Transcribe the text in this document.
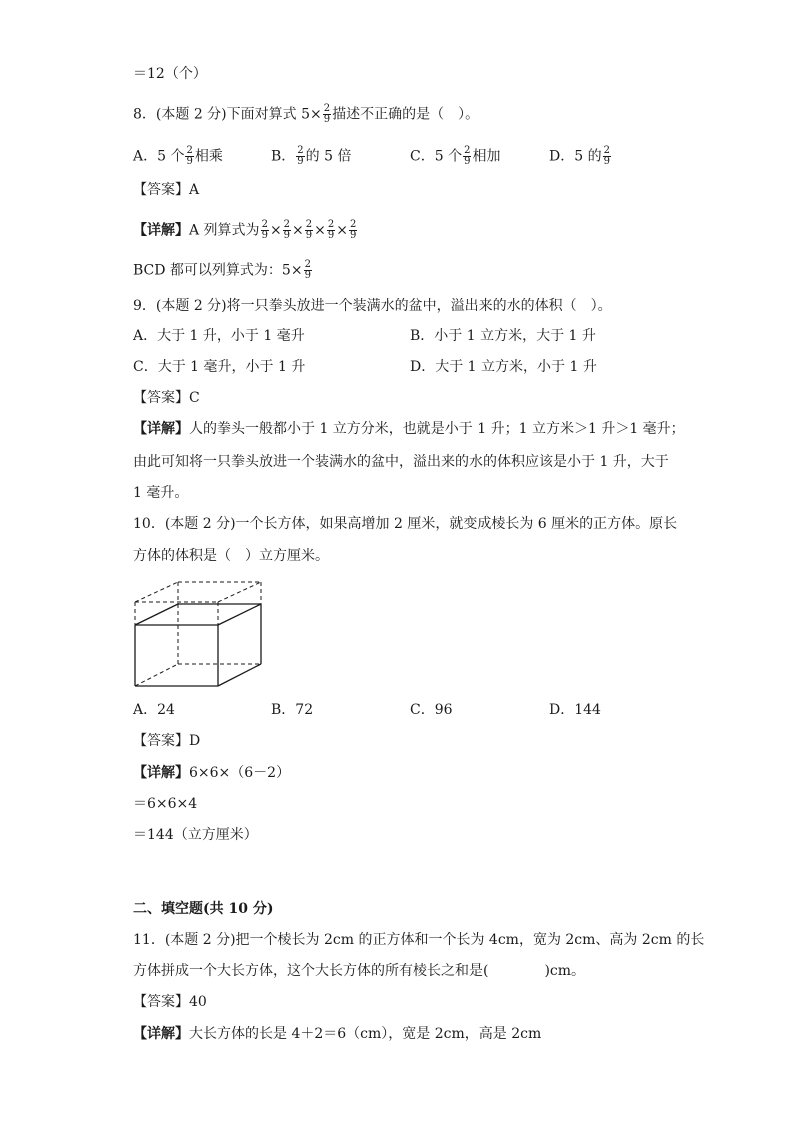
＝12（个）
8．(本题 2 分)下面对算式 $5\times \frac{2}{9}$ 描述不正确的是（　）。
A．5 个 $\frac{2}{9}$ 相乘	B． $\frac{2}{9}$ 的 5 倍	C．5 个 $\frac{2}{9}$ 相加	D．5 的 $\frac{2}{9}$
【答案】A
【详解】A 列算式为 $\frac{2}{9} \times \frac{2}{9} \times \frac{2}{9} \times \frac{2}{9} \times \frac{2}{9}$
BCD 都可以列算式为：$5\times \frac{2}{9}$
9．(本题 2 分)将一只拳头放进一个装满水的盆中，溢出来的水的体积（　）。
A．大于 1 升，小于 1 毫升	B．小于 1 立方米，大于 1 升
C．大于 1 毫升，小于 1 升	D．大于 1 立方米，小于 1 升
【答案】C
【详解】人的拳头一般都小于 1 立方分米，也就是小于 1 升；1 立方米＞1 升＞1 毫升；
由此可知将一只拳头放进一个装满水的盆中，溢出来的水的体积应该是小于 1 升，大于
1 毫升。
10．(本题 2 分)一个长方体，如果高增加 2 厘米，就变成棱长为 6 厘米的正方体。原长
方体的体积是（　）立方厘米。
A．24	B．72	C．96	D．144
【答案】D
【详解】6×6×（6－2）
＝6×6×4
＝144（立方厘米）
二、填空题(共 10 分)
11．(本题 2 分)把一个棱长为 2cm 的正方体和一个长为 4cm，宽为 2cm、高为 2cm 的长
方体拼成一个大长方体，这个大长方体的所有棱长之和是(	)cm。
【答案】40
【详解】大长方体的长是 4＋2＝6（cm），宽是 2cm，高是 2cm
